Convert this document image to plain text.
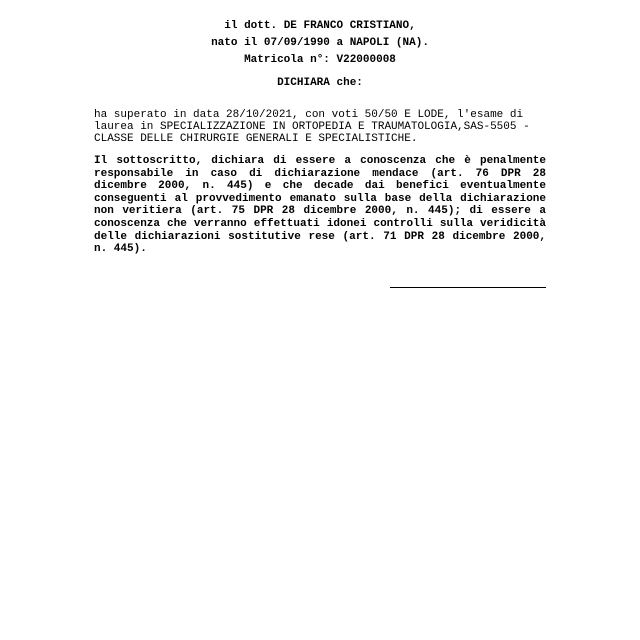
il dott. DE FRANCO CRISTIANO,
nato il 07/09/1990 a NAPOLI (NA).
Matricola n°: V22000008
DICHIARA che:
ha superato in data 28/10/2021, con voti 50/50 E LODE, l'esame di
laurea in SPECIALIZZAZIONE IN ORTOPEDIA E TRAUMATOLOGIA,SAS-5505 -
CLASSE DELLE CHIRURGIE GENERALI E SPECIALISTICHE.
Il sottoscritto, dichiara di essere a conoscenza che è penalmente responsabile in caso di dichiarazione mendace (art. 76 DPR 28 dicembre 2000, n. 445) e che decade dai benefici eventualmente conseguenti al provvedimento emanato sulla base della dichiarazione non veritiera (art. 75 DPR 28 dicembre 2000, n. 445); di essere a conoscenza che verranno effettuati idonei controlli sulla veridicità delle dichiarazioni sostitutive rese (art. 71 DPR 28 dicembre 2000, n. 445).
